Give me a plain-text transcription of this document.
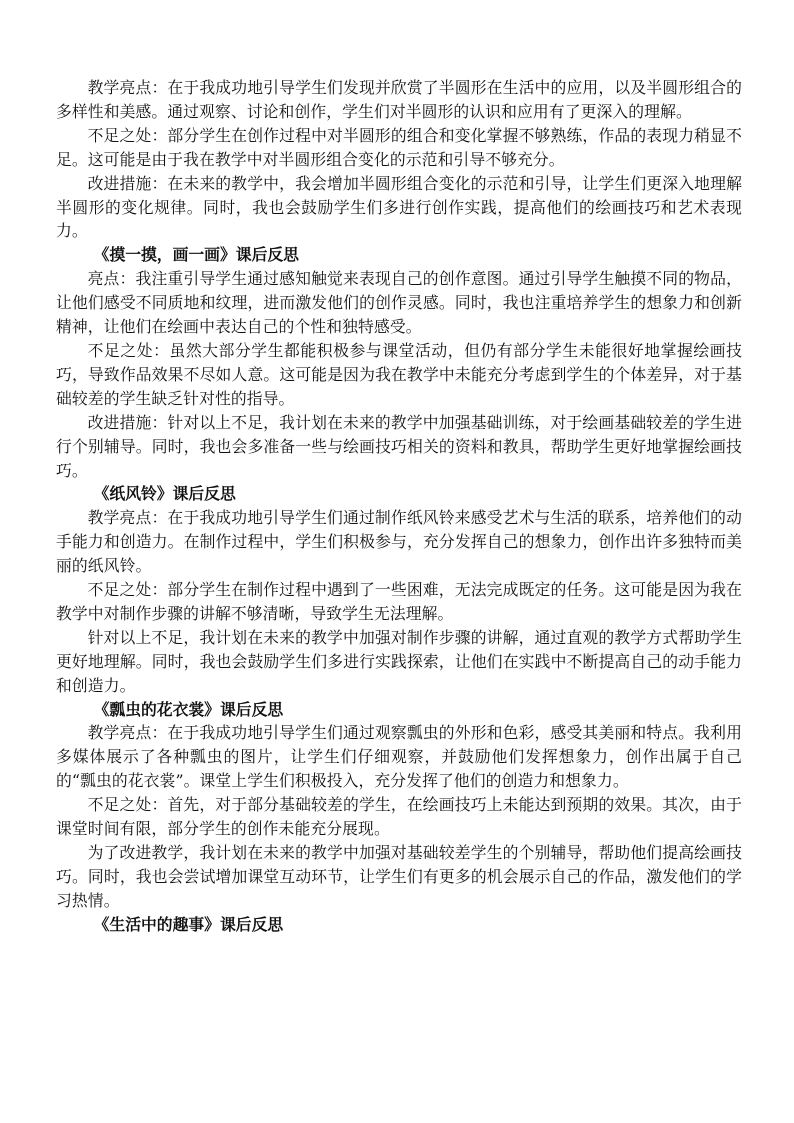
教学亮点：在于我成功地引导学生们发现并欣赏了半圆形在生活中的应用，以及半圆形组合的多样性和美感。通过观察、讨论和创作，学生们对半圆形的认识和应用有了更深入的理解。

不足之处：部分学生在创作过程中对半圆形的组合和变化掌握不够熟练，作品的表现力稍显不足。这可能是由于我在教学中对半圆形组合变化的示范和引导不够充分。

改进措施：在未来的教学中，我会增加半圆形组合变化的示范和引导，让学生们更深入地理解半圆形的变化规律。同时，我也会鼓励学生们多进行创作实践，提高他们的绘画技巧和艺术表现力。

《摸一摸，画一画》课后反思

亮点：我注重引导学生通过感知触觉来表现自己的创作意图。通过引导学生触摸不同的物品，让他们感受不同质地和纹理，进而激发他们的创作灵感。同时，我也注重培养学生的想象力和创新精神，让他们在绘画中表达自己的个性和独特感受。

不足之处：虽然大部分学生都能积极参与课堂活动，但仍有部分学生未能很好地掌握绘画技巧，导致作品效果不尽如人意。这可能是因为我在教学中未能充分考虑到学生的个体差异，对于基础较差的学生缺乏针对性的指导。

改进措施：针对以上不足，我计划在未来的教学中加强基础训练，对于绘画基础较差的学生进行个别辅导。同时，我也会多准备一些与绘画技巧相关的资料和教具，帮助学生更好地掌握绘画技巧。

《纸风铃》课后反思

教学亮点：在于我成功地引导学生们通过制作纸风铃来感受艺术与生活的联系，培养他们的动手能力和创造力。在制作过程中，学生们积极参与，充分发挥自己的想象力，创作出许多独特而美丽的纸风铃。

不足之处：部分学生在制作过程中遇到了一些困难，无法完成既定的任务。这可能是因为我在教学中对制作步骤的讲解不够清晰，导致学生无法理解。

针对以上不足，我计划在未来的教学中加强对制作步骤的讲解，通过直观的教学方式帮助学生更好地理解。同时，我也会鼓励学生们多进行实践探索，让他们在实践中不断提高自己的动手能力和创造力。

《瓢虫的花衣裳》课后反思

教学亮点：在于我成功地引导学生们通过观察瓢虫的外形和色彩，感受其美丽和特点。我利用多媒体展示了各种瓢虫的图片，让学生们仔细观察，并鼓励他们发挥想象力，创作出属于自己的“瓢虫的花衣裳”。课堂上学生们积极投入，充分发挥了他们的创造力和想象力。

不足之处：首先，对于部分基础较差的学生，在绘画技巧上未能达到预期的效果。其次，由于课堂时间有限，部分学生的创作未能充分展现。

为了改进教学，我计划在未来的教学中加强对基础较差学生的个别辅导，帮助他们提高绘画技巧。同时，我也会尝试增加课堂互动环节，让学生们有更多的机会展示自己的作品，激发他们的学习热情。

《生活中的趣事》课后反思
